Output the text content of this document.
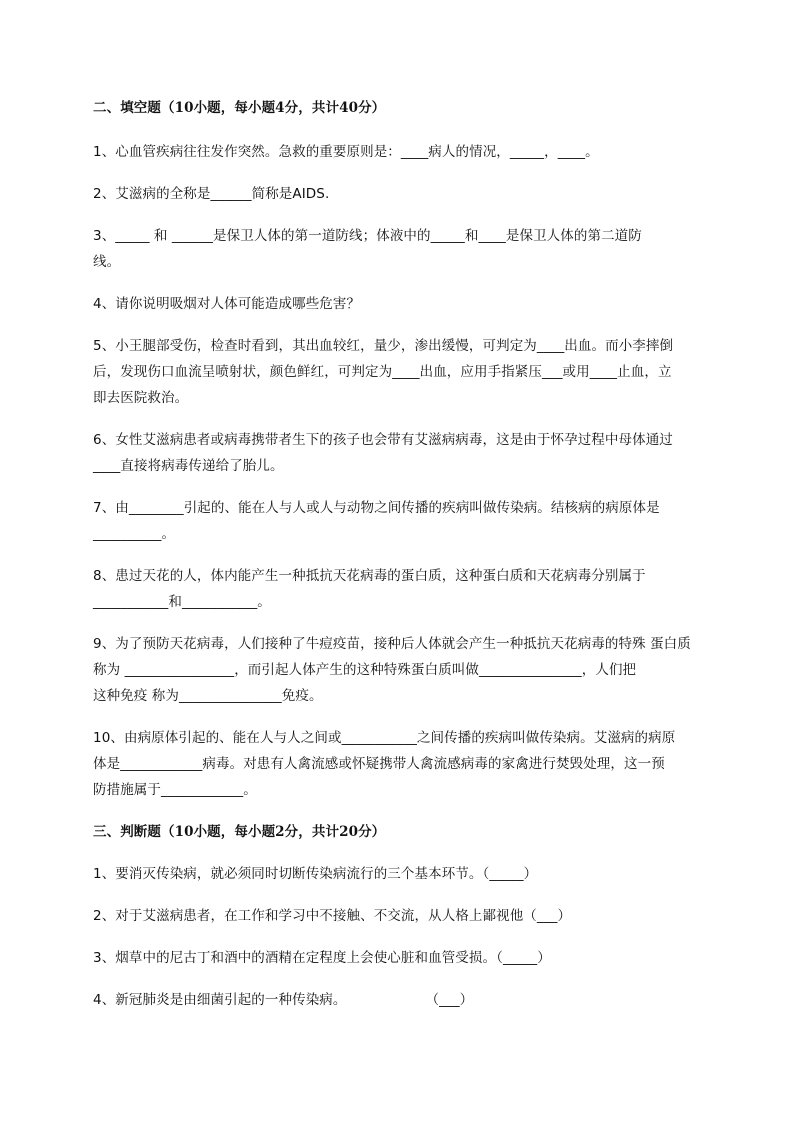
二、填空题（10小题，每小题4分，共计40分）
1、心血管疾病往往发作突然。急救的重要原则是：____病人的情况，_____，____。
2、艾滋病的全称是______简称是AIDS.
3、_____ 和 ______是保卫人体的第一道防线；体液中的_____和____是保卫人体的第二道防
线。
4、请你说明吸烟对人体可能造成哪些危害？
5、小王腿部受伤，检查时看到，其出血较红，量少，渗出缓慢，可判定为____出血。而小李摔倒
后，发现伤口血流呈喷射状，颜色鲜红，可判定为____出血，应用手指紧压___或用____止血，立
即去医院救治。
6、女性艾滋病患者或病毒携带者生下的孩子也会带有艾滋病病毒，这是由于怀孕过程中母体通过
____直接将病毒传递给了胎儿。
7、由________引起的、能在人与人或人与动物之间传播的疾病叫做传染病。结核病的病原体是
__________。
8、患过天花的人，体内能产生一种抵抗天花病毒的蛋白质，这种蛋白质和天花病毒分别属于
___________和___________。
9、为了预防天花病毒，人们接种了牛痘疫苗，接种后人体就会产生一种抵抗天花病毒的特殊 蛋白质
称为 ________________，而引起人体产生的这种特殊蛋白质叫做_______________，人们把
这种免疫 称为_______________免疫。
10、由病原体引起的、能在人与人之间或___________之间传播的疾病叫做传染病。艾滋病的病原
体是____________病毒。对患有人禽流感或怀疑携带人禽流感病毒的家禽进行焚毁处理，这一预
防措施属于____________。
三、判断题（10小题，每小题2分，共计20分）
1、要消灭传染病，就必须同时切断传染病流行的三个基本环节。（_____）
2、对于艾滋病患者，在工作和学习中不接触、不交流，从人格上鄙视他（___）
3、烟草中的尼古丁和酒中的酒精在定程度上会使心脏和血管受损。（_____）
4、新冠肺炎是由细菌引起的一种传染病。                  （___）
